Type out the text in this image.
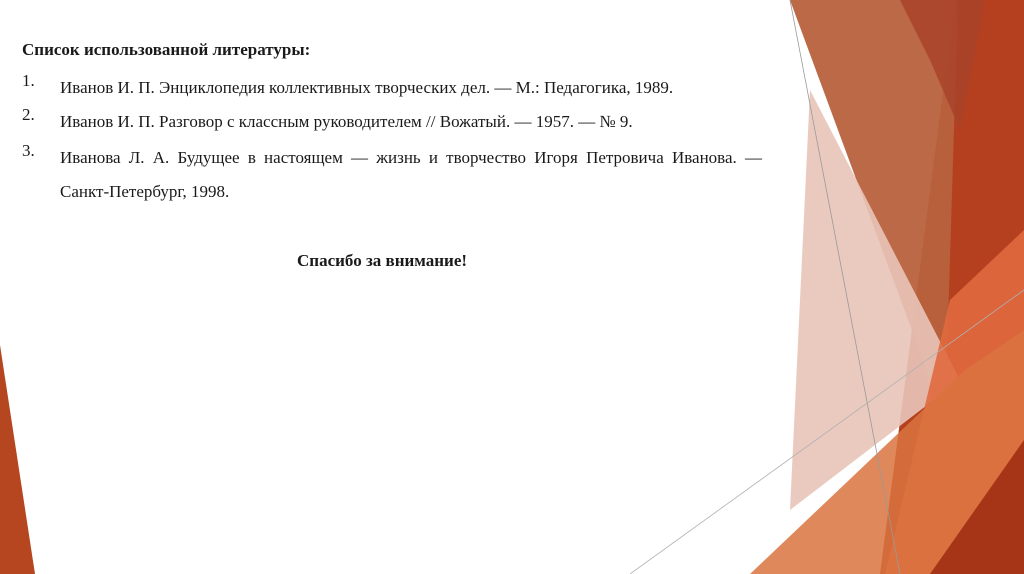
Список использованной литературы:
1. Иванов И. П. Энциклопедия коллективных творческих дел. — М.: Педагогика, 1989.
2. Иванов И. П. Разговор с классным руководителем // Вожатый. — 1957. — № 9.
3. Иванова Л. А. Будущее в настоящем — жизнь и творчество Игоря Петровича Иванова. — Санкт-Петербург, 1998.
Спасибо за внимание!
